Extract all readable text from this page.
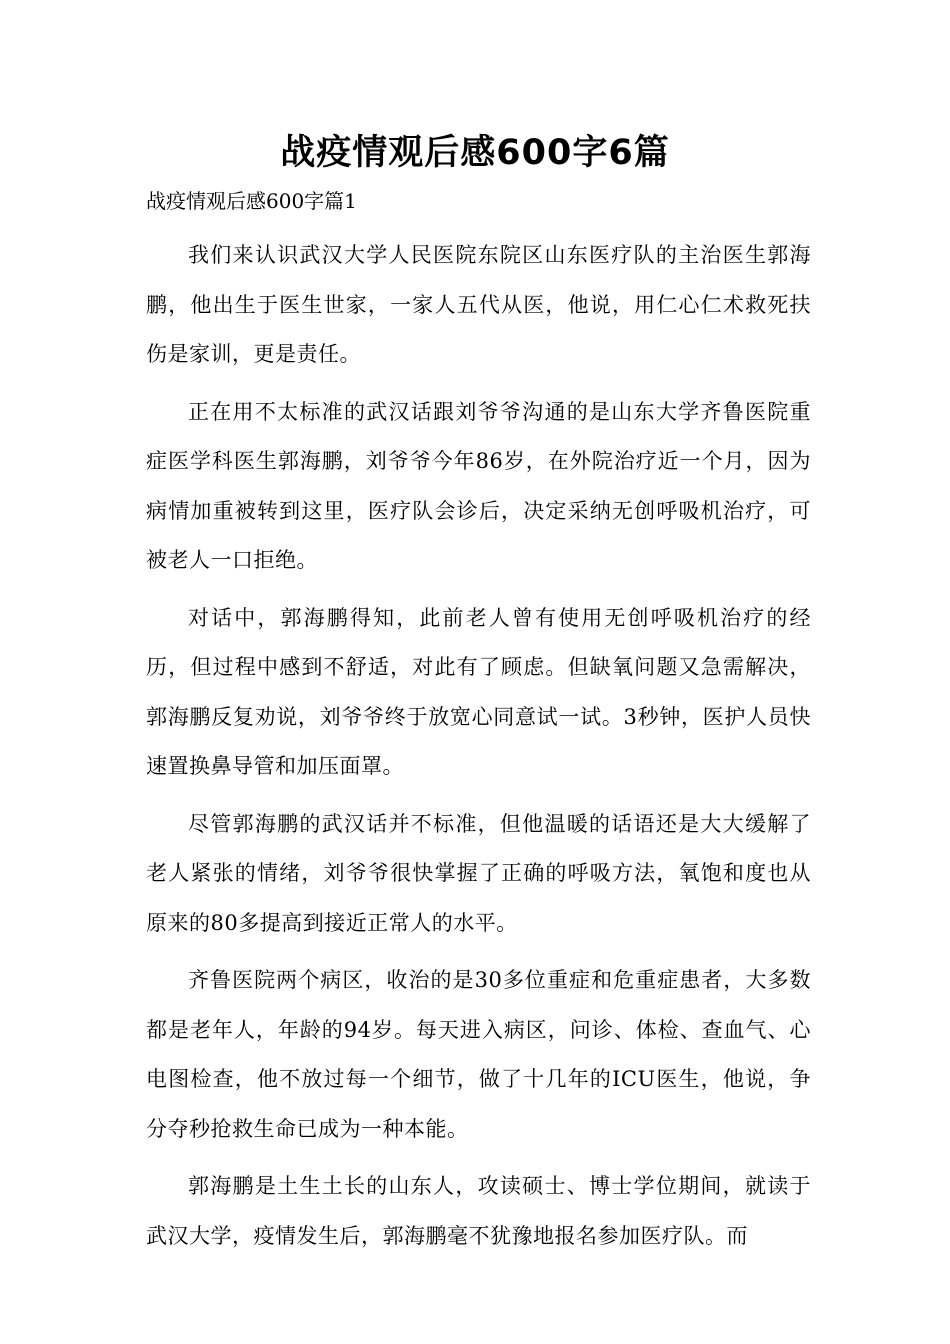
战疫情观后感600字6篇

战疫情观后感600字篇1

我们来认识武汉大学人民医院东院区山东医疗队的主治医生郭海鹏，他出生于医生世家，一家人五代从医，他说，用仁心仁术救死扶伤是家训，更是责任。

正在用不太标准的武汉话跟刘爷爷沟通的是山东大学齐鲁医院重症医学科医生郭海鹏，刘爷爷今年86岁，在外院治疗近一个月，因为病情加重被转到这里，医疗队会诊后，决定采纳无创呼吸机治疗，可被老人一口拒绝。

对话中，郭海鹏得知，此前老人曾有使用无创呼吸机治疗的经历，但过程中感到不舒适，对此有了顾虑。但缺氧问题又急需解决，郭海鹏反复劝说，刘爷爷终于放宽心同意试一试。3秒钟，医护人员快速置换鼻导管和加压面罩。

尽管郭海鹏的武汉话并不标准，但他温暖的话语还是大大缓解了老人紧张的情绪，刘爷爷很快掌握了正确的呼吸方法，氧饱和度也从原来的80多提高到接近正常人的水平。

齐鲁医院两个病区，收治的是30多位重症和危重症患者，大多数都是老年人，年龄的94岁。每天进入病区，问诊、体检、查血气、心电图检查，他不放过每一个细节，做了十几年的ICU医生，他说，争分夺秒抢救生命已成为一种本能。

郭海鹏是土生土长的山东人，攻读硕士、博士学位期间，就读于武汉大学，疫情发生后，郭海鹏毫不犹豫地报名参加医疗队。而
